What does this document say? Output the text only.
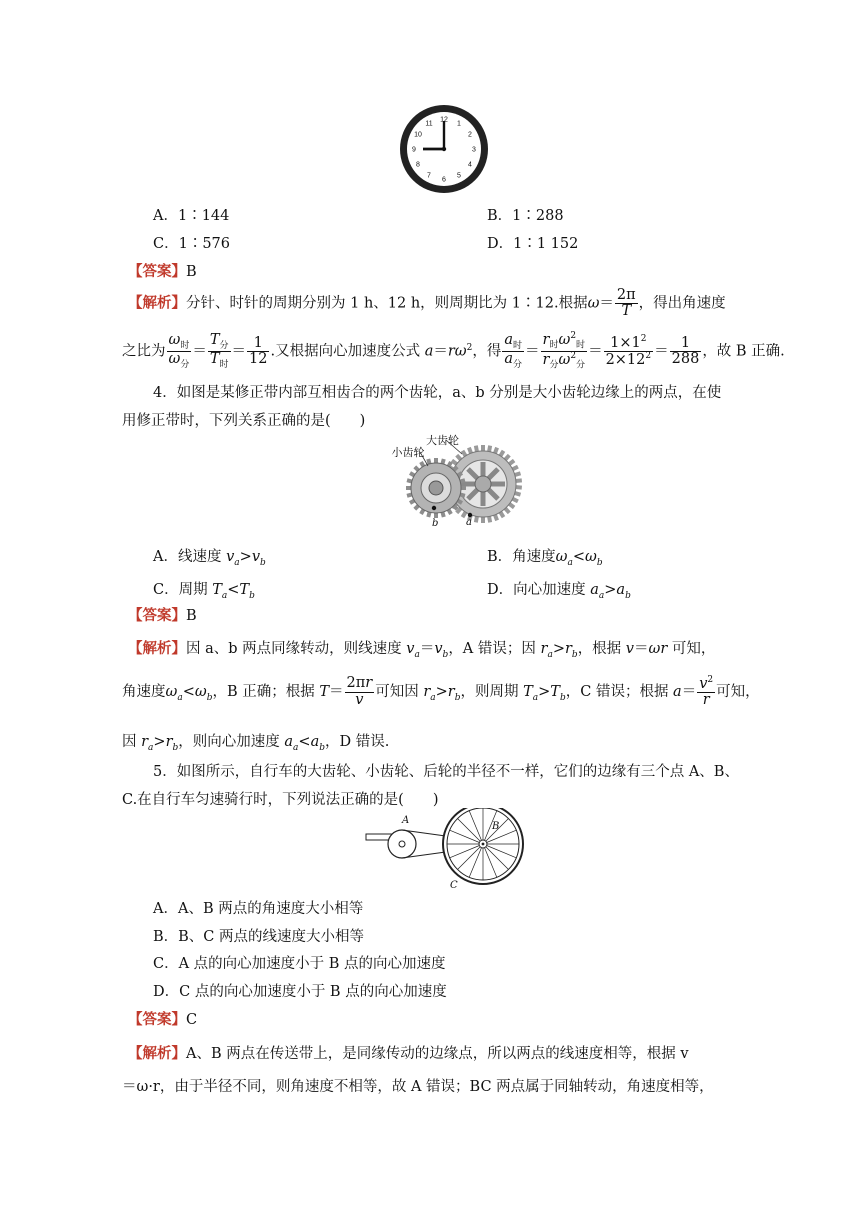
12
1
2
3
4
5
6
7
8
9
10
11
A．1∶144	B．1∶288
C．1∶576	D．1∶1 152
【答案】B
【解析】分针、时针的周期分别为 1 h、12 h，则周期比为 1∶12.根据$\omega= \frac{2\pi}{T}$ ，得出角速度
之比为 $\frac{\omega_时}{\omega_分} = \frac{T_分}{T_时} = \frac{1}{12}$ .又根据向心加速度公式 $a=r\omega^2$，得 $\frac{a_时}{a_分} = \frac{r_时\omega^2_时}{r_分\omega^2_分} = \frac{1\times 1^2}{2\times 12^2} = \frac{1}{288}$ ，故 B 正确.
4．如图是某修正带内部互相齿合的两个齿轮，a、b 分别是大小齿轮边缘上的两点，在使
用修正带时，下列关系正确的是(　　)
小齿轮
大齿轮
b	a
A．线速度 $v_a>v_b$	B．角速度$\omega_a<\omega_b$
C．周期 $T_a<T_b$	D．向心加速度 $a_a>a_b$
【答案】B
【解析】因 a、b 两点同缘转动，则线速度 $v_a=v_b$，A 错误；因 $r_a>r_b$，根据 v＝ωr 可知，
角速度$\omega_a<\omega_b$，B 正确；根据 $T= \frac{2\pi r}{v}$ 可知因 $r_a>r_b$，则周期 $T_a>T_b$，C 错误；根据 $a= \frac{v^2}{r}$ 可知，
因 $r_a>r_b$，则向心加速度 $a_a<a_b$，D 错误.
5．如图所示，自行车的大齿轮、小齿轮、后轮的半径不一样，它们的边缘有三个点 A、B、
C.在自行车匀速骑行时，下列说法正确的是(　　)
A
B
C
A．A、B 两点的角速度大小相等
B．B、C 两点的线速度大小相等
C．A 点的向心加速度小于 B 点的向心加速度
D．C 点的向心加速度小于 B 点的向心加速度
【答案】C
【解析】A、B 两点在传送带上，是同缘传动的边缘点，所以两点的线速度相等，根据 v
＝ω·r，由于半径不同，则角速度不相等，故 A 错误；BC 两点属于同轴转动，角速度相等，
